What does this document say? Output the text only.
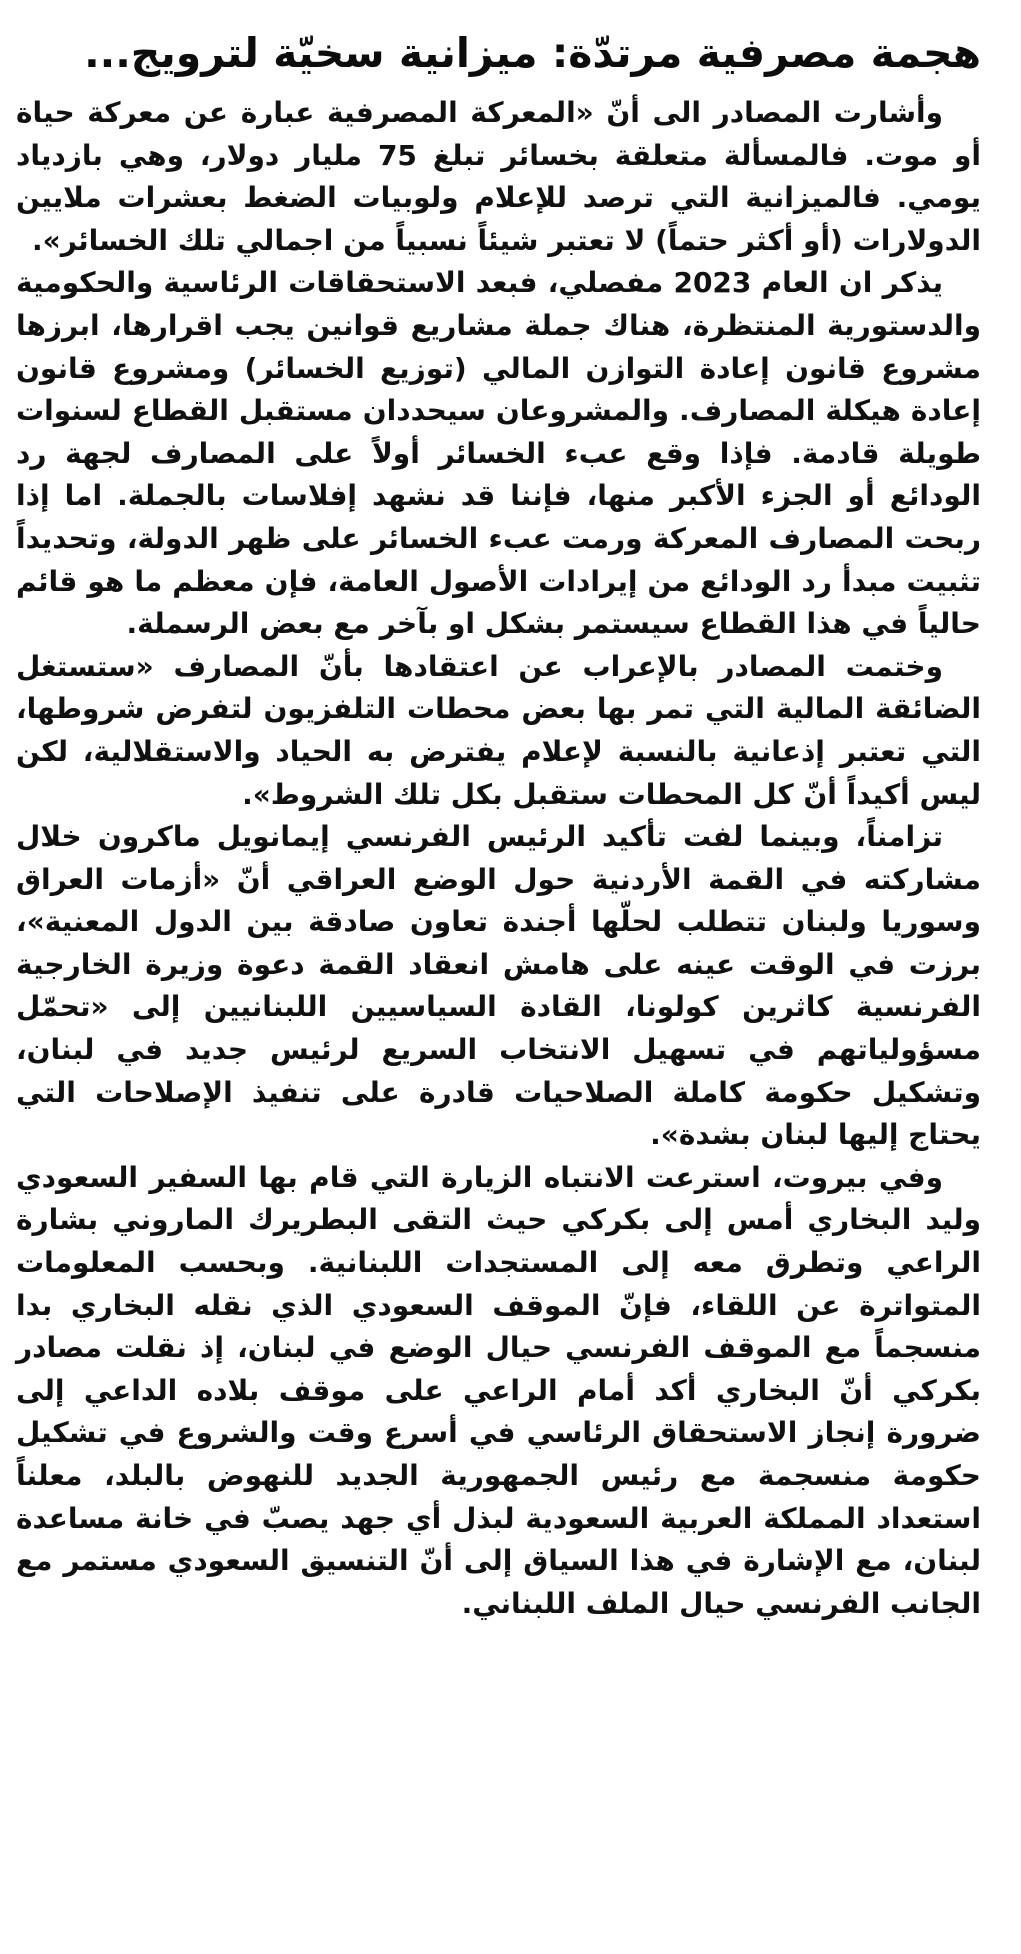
هجمة مصرفية مرتدّة: ميزانية سخيّة لترويج...

وأشارت المصادر الى أنّ «المعركة المصرفية عبارة عن معركة حياة أو موت. فالمسألة متعلقة بخسائر تبلغ 75 مليار دولار، وهي بازدياد يومي. فالميزانية التي ترصد للإعلام ولوبيات الضغط بعشرات ملايين الدولارات (أو أكثر حتماً) لا تعتبر شيئاً نسبياً من اجمالي تلك الخسائر».

يذكر ان العام 2023 مفصلي، فبعد الاستحقاقات الرئاسية والحكومية والدستورية المنتظرة، هناك جملة مشاريع قوانين يجب اقرارها، ابرزها مشروع قانون إعادة التوازن المالي (توزيع الخسائر) ومشروع قانون إعادة هيكلة المصارف. والمشروعان سيحددان مستقبل القطاع لسنوات طويلة قادمة. فإذا وقع عبء الخسائر أولاً على المصارف لجهة رد الودائع أو الجزء الأكبر منها، فإننا قد نشهد إفلاسات بالجملة. اما إذا ربحت المصارف المعركة ورمت عبء الخسائر على ظهر الدولة، وتحديداً تثبيت مبدأ رد الودائع من إيرادات الأصول العامة، فإن معظم ما هو قائم حالياً في هذا القطاع سيستمر بشكل او بآخر مع بعض الرسملة.

وختمت المصادر بالإعراب عن اعتقادها بأنّ المصارف «ستستغل الضائقة المالية التي تمر بها بعض محطات التلفزيون لتفرض شروطها، التي تعتبر إذعانية بالنسبة لإعلام يفترض به الحياد والاستقلالية، لكن ليس أكيداً أنّ كل المحطات ستقبل بكل تلك الشروط».

تزامناً، وبينما لفت تأكيد الرئيس الفرنسي إيمانويل ماكرون خلال مشاركته في القمة الأردنية حول الوضع العراقي أنّ «أزمات العراق وسوريا ولبنان تتطلب لحلّها أجندة تعاون صادقة بين الدول المعنية»، برزت في الوقت عينه على هامش انعقاد القمة دعوة وزيرة الخارجية الفرنسية كاثرين كولونا، القادة السياسيين اللبنانيين إلى «تحمّل مسؤولياتهم في تسهيل الانتخاب السريع لرئيس جديد في لبنان، وتشكيل حكومة كاملة الصلاحيات قادرة على تنفيذ الإصلاحات التي يحتاج إليها لبنان بشدة».

وفي بيروت، استرعت الانتباه الزيارة التي قام بها السفير السعودي وليد البخاري أمس إلى بكركي حيث التقى البطريرك الماروني بشارة الراعي وتطرق معه إلى المستجدات اللبنانية. وبحسب المعلومات المتواترة عن اللقاء، فإنّ الموقف السعودي الذي نقله البخاري بدا منسجماً مع الموقف الفرنسي حيال الوضع في لبنان، إذ نقلت مصادر بكركي أنّ البخاري أكد أمام الراعي على موقف بلاده الداعي إلى ضرورة إنجاز الاستحقاق الرئاسي في أسرع وقت والشروع في تشكيل حكومة منسجمة مع رئيس الجمهورية الجديد للنهوض بالبلد، معلناً استعداد المملكة العربية السعودية لبذل أي جهد يصبّ في خانة مساعدة لبنان، مع الإشارة في هذا السياق إلى أنّ التنسيق السعودي مستمر مع الجانب الفرنسي حيال الملف اللبناني.
